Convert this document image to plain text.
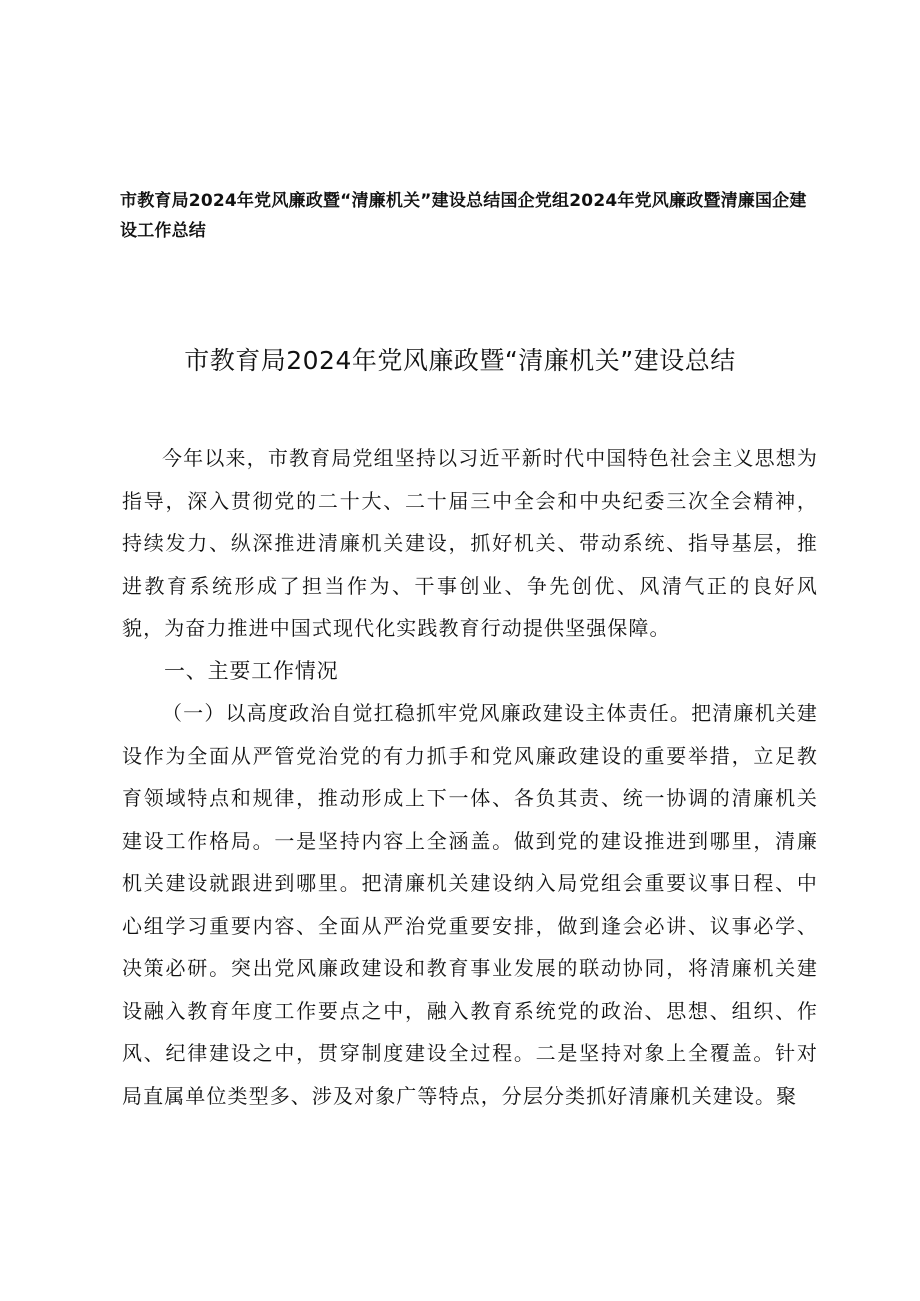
市教育局2024年党风廉政暨“清廉机关”建设总结国企党组2024年党风廉政暨清廉国企建设工作总结
市教育局2024年党风廉政暨“清廉机关”建设总结

今年以来，市教育局党组坚持以习近平新时代中国特色社会主义思想为指导，深入贯彻党的二十大、二十届三中全会和中央纪委三次全会精神，持续发力、纵深推进清廉机关建设，抓好机关、带动系统、指导基层，推进教育系统形成了担当作为、干事创业、争先创优、风清气正的良好风貌，为奋力推进中国式现代化实践教育行动提供坚强保障。

一、主要工作情况

（一）以高度政治自觉扛稳抓牢党风廉政建设主体责任。把清廉机关建设作为全面从严管党治党的有力抓手和党风廉政建设的重要举措，立足教育领域特点和规律，推动形成上下一体、各负其责、统一协调的清廉机关建设工作格局。一是坚持内容上全涵盖。做到党的建设推进到哪里，清廉机关建设就跟进到哪里。把清廉机关建设纳入局党组会重要议事日程、中心组学习重要内容、全面从严治党重要安排，做到逢会必讲、议事必学、决策必研。突出党风廉政建设和教育事业发展的联动协同，将清廉机关建设融入教育年度工作要点之中，融入教育系统党的政治、思想、组织、作风、纪律建设之中，贯穿制度建设全过程。二是坚持对象上全覆盖。针对局直属单位类型多、涉及对象广等特点，分层分类抓好清廉机关建设。聚
